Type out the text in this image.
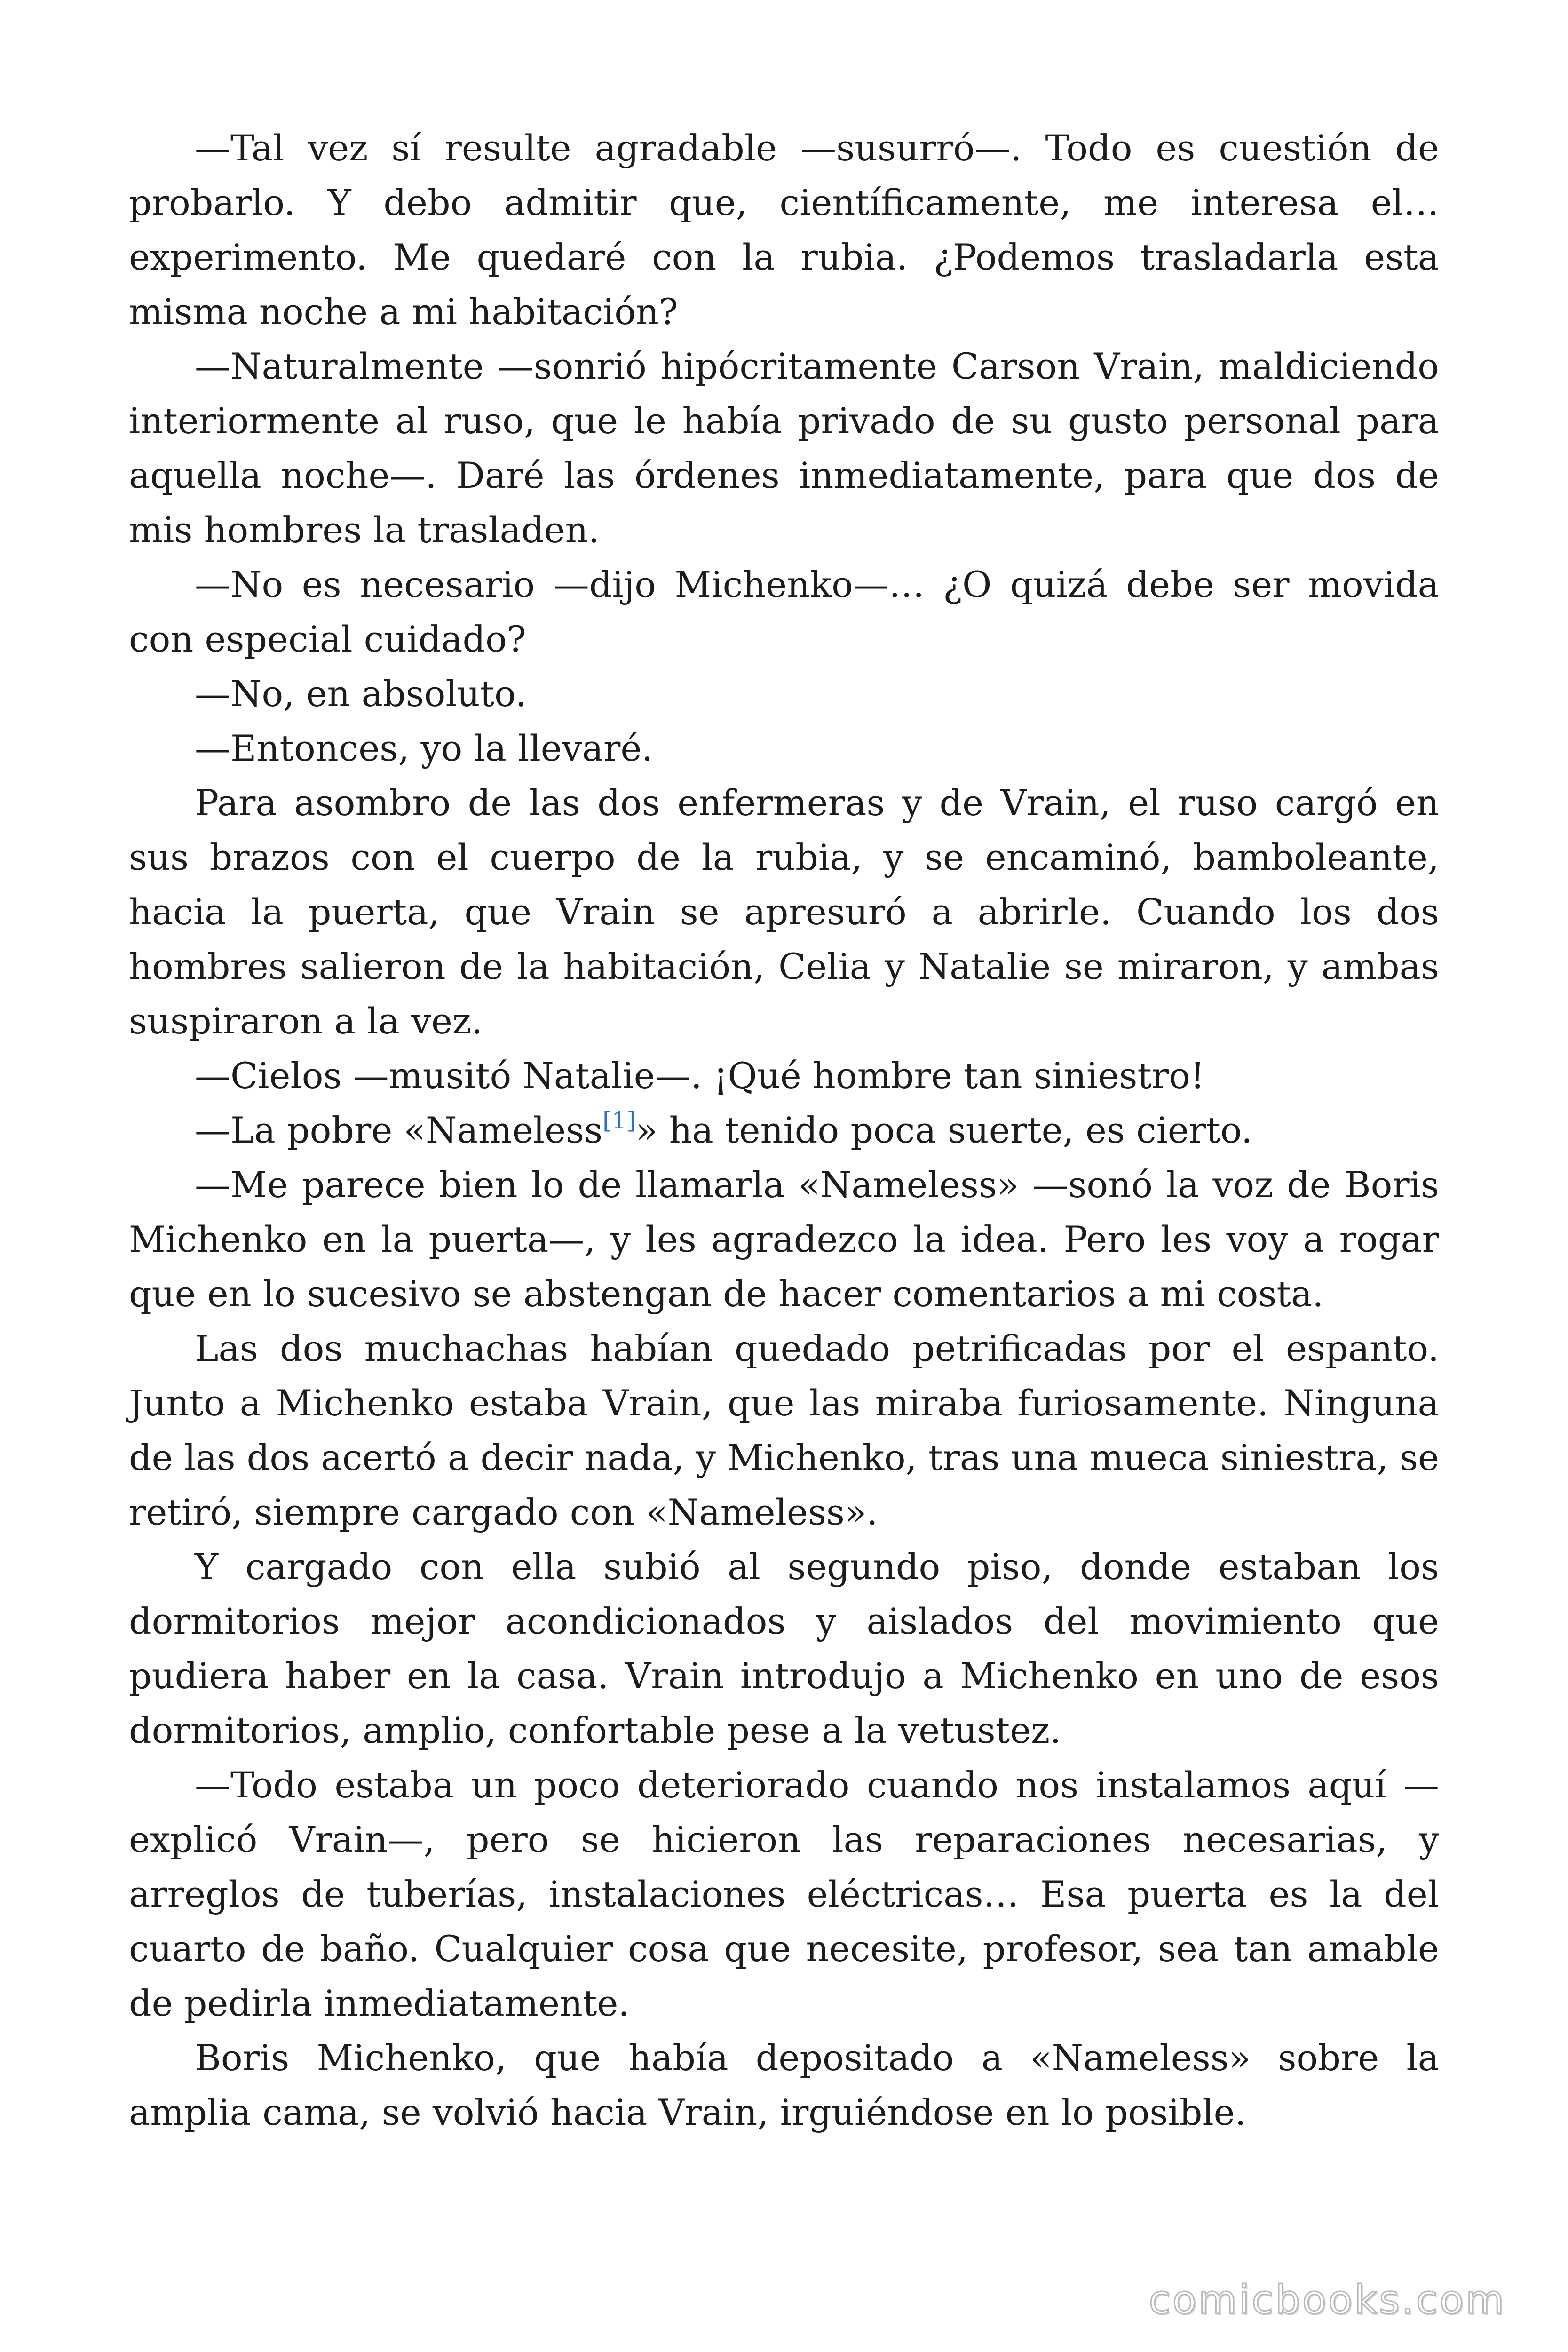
—Tal vez sí resulte agradable —susurró—. Todo es cuestión de probarlo. Y debo admitir que, científicamente, me interesa el… experimento. Me quedaré con la rubia. ¿Podemos trasladarla esta misma noche a mi habitación?

—Naturalmente —sonrió hipócritamente Carson Vrain, maldiciendo interiormente al ruso, que le había privado de su gusto personal para aquella noche—. Daré las órdenes inmediatamente, para que dos de mis hombres la trasladen.

—No es necesario —dijo Michenko—… ¿O quizá debe ser movida con especial cuidado?

—No, en absoluto.

—Entonces, yo la llevaré.

Para asombro de las dos enfermeras y de Vrain, el ruso cargó en sus brazos con el cuerpo de la rubia, y se encaminó, bamboleante, hacia la puerta, que Vrain se apresuró a abrirle. Cuando los dos hombres salieron de la habitación, Celia y Natalie se miraron, y ambas suspiraron a la vez.

—Cielos —musitó Natalie—. ¡Qué hombre tan siniestro!

—La pobre «Nameless[1]» ha tenido poca suerte, es cierto.

—Me parece bien lo de llamarla «Nameless» —sonó la voz de Boris Michenko en la puerta—, y les agradezco la idea. Pero les voy a rogar que en lo sucesivo se abstengan de hacer comentarios a mi costa.

Las dos muchachas habían quedado petrificadas por el espanto. Junto a Michenko estaba Vrain, que las miraba furiosamente. Ninguna de las dos acertó a decir nada, y Michenko, tras una mueca siniestra, se retiró, siempre cargado con «Nameless».

Y cargado con ella subió al segundo piso, donde estaban los dormitorios mejor acondicionados y aislados del movimiento que pudiera haber en la casa. Vrain introdujo a Michenko en uno de esos dormitorios, amplio, confortable pese a la vetustez.

—Todo estaba un poco deteriorado cuando nos instalamos aquí —explicó Vrain—, pero se hicieron las reparaciones necesarias, y arreglos de tuberías, instalaciones eléctricas… Esa puerta es la del cuarto de baño. Cualquier cosa que necesite, profesor, sea tan amable de pedirla inmediatamente.

Boris Michenko, que había depositado a «Nameless» sobre la amplia cama, se volvió hacia Vrain, irguiéndose en lo posible.

comicbooks.com
